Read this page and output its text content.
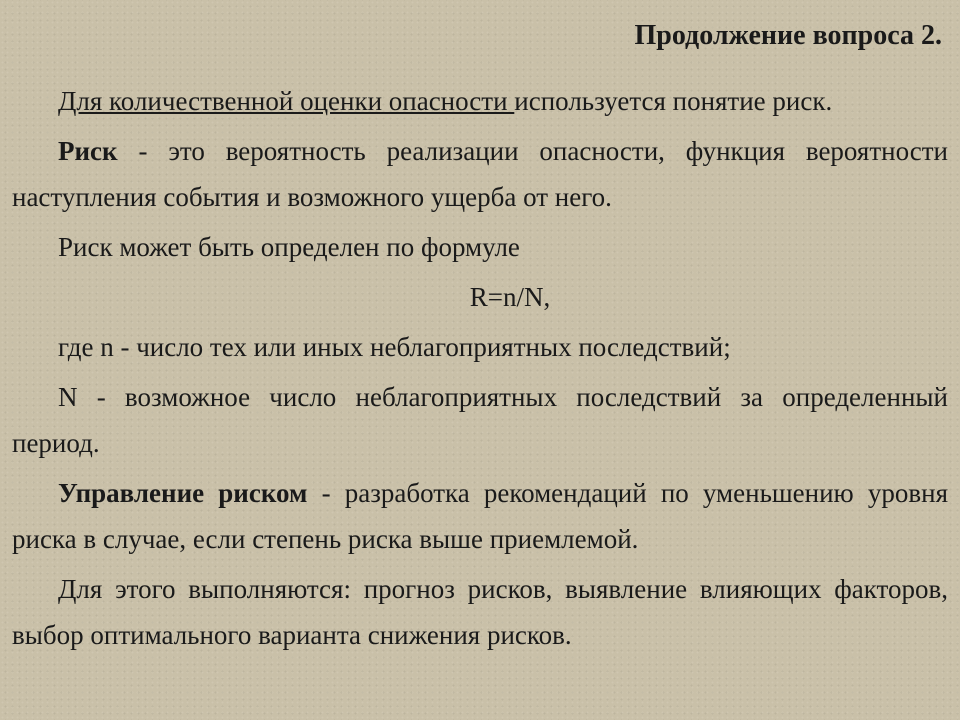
Продолжение вопроса 2.

Для количественной оценки опасности используется понятие риск.

Риск - это вероятность реализации опасности, функция вероятности наступления события и возможного ущерба от него.

Риск может быть определен по формуле

R=n/N,

где n - число тех или иных неблагоприятных последствий;

N - возможное число неблагоприятных последствий за определенный период.

Управление риском - разработка рекомендаций по уменьшению уровня риска в случае, если степень риска выше приемлемой.

Для этого выполняются: прогноз рисков, выявление влияющих факторов, выбор оптимального варианта снижения рисков.
